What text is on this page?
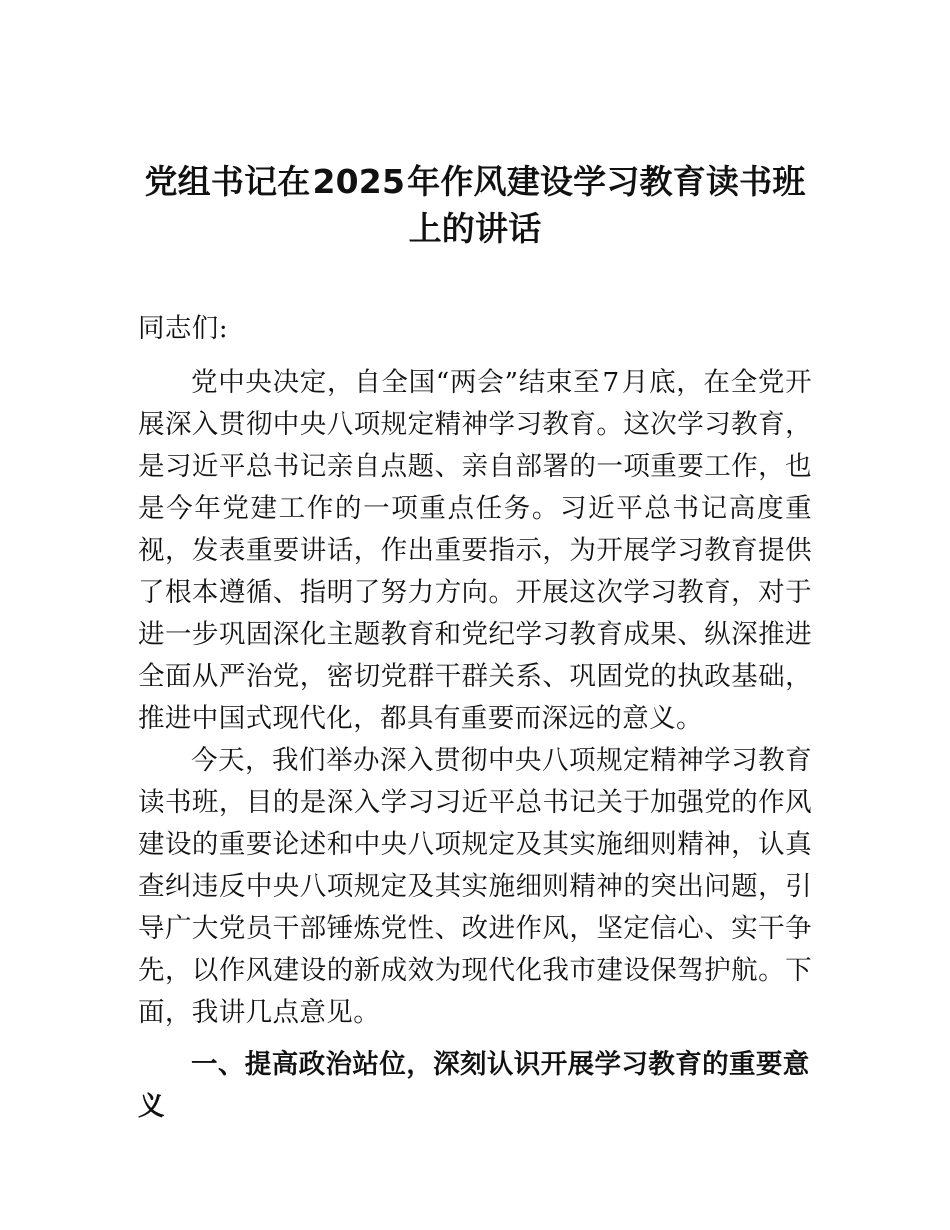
党组书记在2025年作风建设学习教育读书班上的讲话

同志们:

党中央决定，自全国“两会”结束至7月底，在全党开展深入贯彻中央八项规定精神学习教育。这次学习教育，是习近平总书记亲自点题、亲自部署的一项重要工作，也是今年党建工作的一项重点任务。习近平总书记高度重视，发表重要讲话，作出重要指示，为开展学习教育提供了根本遵循、指明了努力方向。开展这次学习教育，对于进一步巩固深化主题教育和党纪学习教育成果、纵深推进全面从严治党，密切党群干群关系、巩固党的执政基础，推进中国式现代化，都具有重要而深远的意义。

今天，我们举办深入贯彻中央八项规定精神学习教育读书班，目的是深入学习习近平总书记关于加强党的作风建设的重要论述和中央八项规定及其实施细则精神，认真查纠违反中央八项规定及其实施细则精神的突出问题，引导广大党员干部锤炼党性、改进作风，坚定信心、实干争先，以作风建设的新成效为现代化我市建设保驾护航。下面，我讲几点意见。

一、提高政治站位，深刻认识开展学习教育的重要意义
